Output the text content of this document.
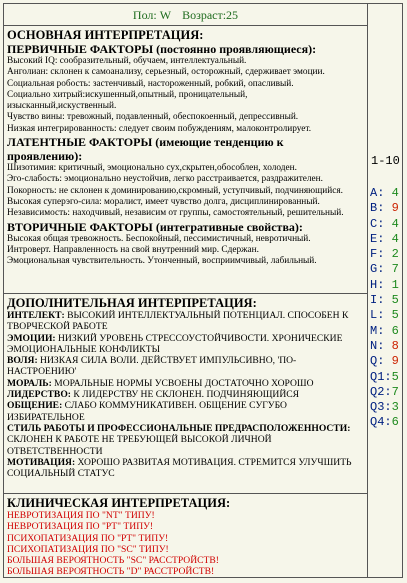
Пол: W Возраст:25
ОСНОВНАЯ ИНТЕРПРЕТАЦИЯ:
ПЕРВИЧНЫЕ ФАКТОРЫ (постоянно проявляющиеся):
Высокий IQ: сообразительный, обучаем, интеллектуальный.
Анголиан: склонен к самоанализу, серьезный, осторожный, сдерживает эмоции.
Социальная робость: застенчивый, настороженный, робкий, опасливый.
Социально хитрый:искушенный,опытный, проницательный,
изысканный,искуственный.
Чувство вины: тревожный, подавленный, обеспокоенный, депрессивный.
Низкая интегрированность: следует своим побуждениям, малоконтролирует.
ЛАТЕНТНЫЕ ФАКТОРЫ (имеющие тенденцию к
проявлению):
Шизотимия: критичный, эмоционально сух,скрытен,обособлен, холоден.
Эго-слабость: эмоционально неустойчив, легко расстраивается, раздражителен.
Покорность: не склонен к доминированию,скромный, уступчивый, подчиняющийся.
Высокая суперэго-сила: моралист, имеет чувство долга, дисциплинированный.
Независимость: находчивый, независим от группы, самостоятельный, решительный.
ВТОРИЧНЫЕ ФАКТОРЫ (интегративные свойства):
Высокая общая тревожность. Беспокойный, пессимистичный, невротичный.
Интроверт. Направленность на свой внутренний мир. Сдержан.
Эмоциональная чувствительность. Утонченный, восприимчивый, лабильный.
ДОПОЛНИТЕЛЬНАЯ ИНТЕРПРЕТАЦИЯ:
ИНТЕЛЕКТ: ВЫСОКИЙ ИНТЕЛЛЕКТУАЛЬНЫЙ ПОТЕНЦИАЛ. СПОСОБЕН К ТВОРЧЕСКОЙ РАБОТЕ
ЭМОЦИИ: НИЗКИЙ УРОВЕНЬ СТРЕССОУСТОЙЧИВОСТИ. ХРОНИЧЕСКИЕ ЭМОЦИОНАЛЬНЫЕ КОНФЛИКТЫ
ВОЛЯ: НИЗКАЯ СИЛА ВОЛИ. ДЕЙСТВУЕТ ИМПУЛЬСИВНО, 'ПО-НАСТРОЕНИЮ'
МОРАЛЬ: МОРАЛЬНЫЕ НОРМЫ УСВОЕНЫ ДОСТАТОЧНО ХОРОШО
ЛИДЕРСТВО: К ЛИДЕРСТВУ НЕ СКЛОНЕН. ПОДЧИНЯЮЩИЙСЯ
ОБЩЕНИЕ: СЛАБО КОММУНИКАТИВЕН. ОБЩЕНИЕ СУГУБО ИЗБИРАТЕЛЬНОЕ
СТИЛЬ РАБОТЫ И ПРОФЕССИОНАЛЬНЫЕ ПРЕДРАСПОЛОЖЕННОСТИ: СКЛОНЕН К РАБОТЕ НЕ ТРЕБУЮЩЕЙ ВЫСОКОЙ ЛИЧНОЙ ОТВЕТСТВЕННОСТИ
МОТИВАЦИЯ: ХОРОШО РАЗВИТАЯ МОТИВАЦИЯ. СТРЕМИТСЯ УЛУЧШИТЬ СОЦИАЛЬНЫЙ СТАТУС
КЛИНИЧЕСКАЯ ИНТЕРПРЕТАЦИЯ:
НЕВРОТИЗАЦИЯ ПО "NT" ТИПУ!
НЕВРОТИЗАЦИЯ ПО "PT" ТИПУ!
ПСИХОПАТИЗАЦИЯ ПО "PT" ТИПУ!
ПСИХОПАТИЗАЦИЯ ПО "SC" ТИПУ!
БОЛЬШАЯ ВЕРОЯТНОСТЬ "SC" РАССТРОЙСТВ!
БОЛЬШАЯ ВЕРОЯТНОСТЬ "D" РАССТРОЙСТВ!
1-10
A: 4
B: 9
C: 4
E: 4
F: 2
G: 7
H: 1
I: 5
L: 5
M: 6
N: 8
Q: 9
Q1:5
Q2:7
Q3:3
Q4:6
